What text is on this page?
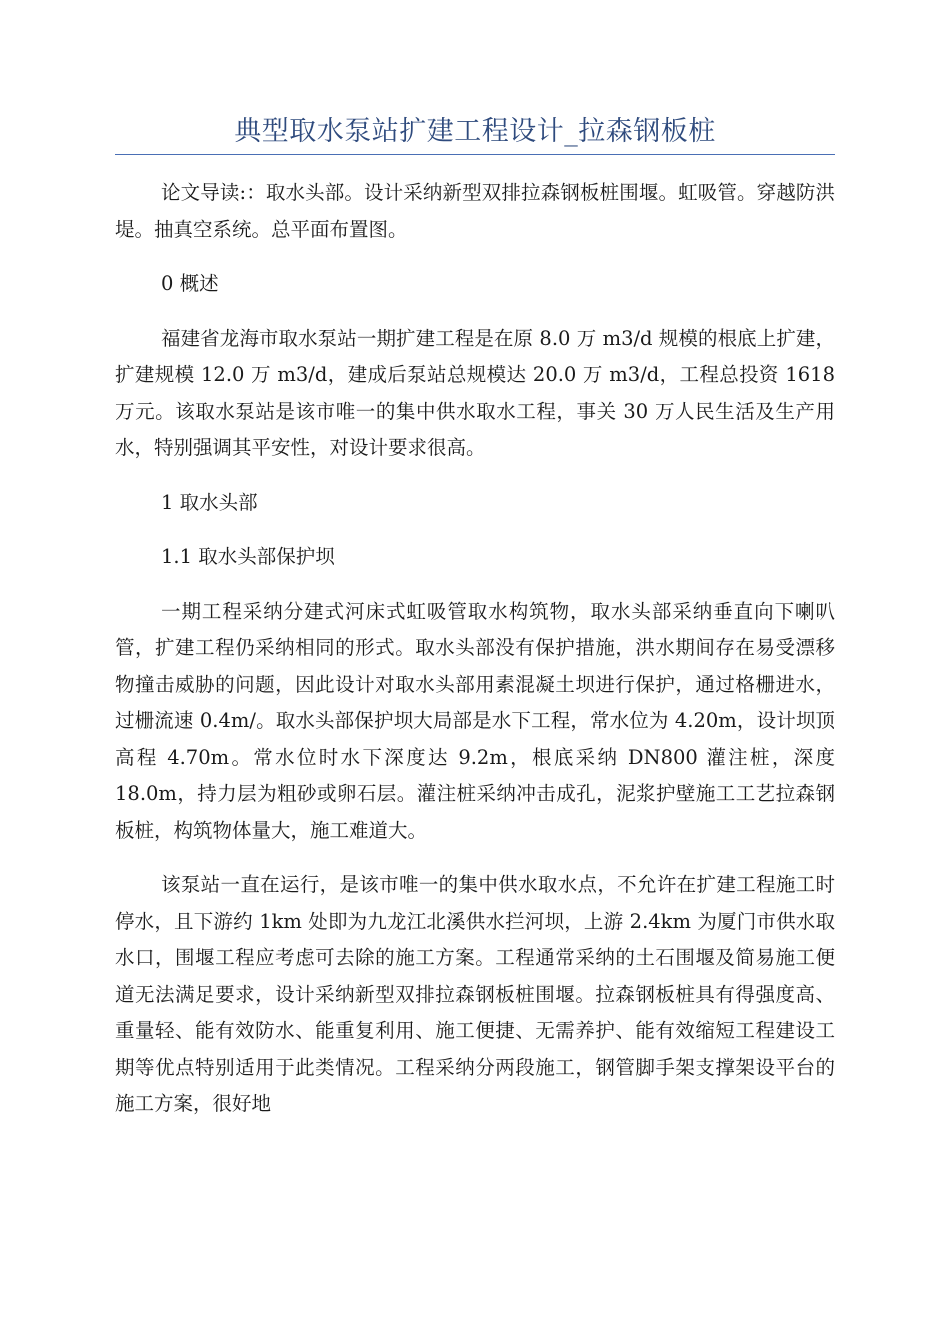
典型取水泵站扩建工程设计_拉森钢板桩

论文导读:：取水头部。设计采纳新型双排拉森钢板桩围堰。虹吸管。穿越防洪堤。抽真空系统。总平面布置图。

0 概述

福建省龙海市取水泵站一期扩建工程是在原 8.0 万 m3/d 规模的根底上扩建，扩建规模 12.0 万 m3/d，建成后泵站总规模达 20.0 万 m3/d，工程总投资 1618 万元。该取水泵站是该市唯一的集中供水取水工程，事关 30 万人民生活及生产用水，特别强调其平安性，对设计要求很高。

1 取水头部

1.1 取水头部保护坝

一期工程采纳分建式河床式虹吸管取水构筑物，取水头部采纳垂直向下喇叭管，扩建工程仍采纳相同的形式。取水头部没有保护措施，洪水期间存在易受漂移物撞击威胁的问题，因此设计对取水头部用素混凝土坝进行保护，通过格栅进水，过栅流速 0.4m/。取水头部保护坝大局部是水下工程，常水位为 4.20m，设计坝顶高程 4.70m。常水位时水下深度达 9.2m，根底采纳 DN800 灌注桩，深度 18.0m，持力层为粗砂或卵石层。灌注桩采纳冲击成孔，泥浆护壁施工工艺拉森钢板桩，构筑物体量大，施工难道大。

该泵站一直在运行，是该市唯一的集中供水取水点，不允许在扩建工程施工时停水，且下游约 1km 处即为九龙江北溪供水拦河坝，上游 2.4km 为厦门市供水取水口，围堰工程应考虑可去除的施工方案。工程通常采纳的土石围堰及简易施工便道无法满足要求，设计采纳新型双排拉森钢板桩围堰。拉森钢板桩具有得强度高、重量轻、能有效防水、能重复利用、施工便捷、无需养护、能有效缩短工程建设工期等优点特别适用于此类情况。工程采纳分两段施工，钢管脚手架支撑架设平台的施工方案，很好地
